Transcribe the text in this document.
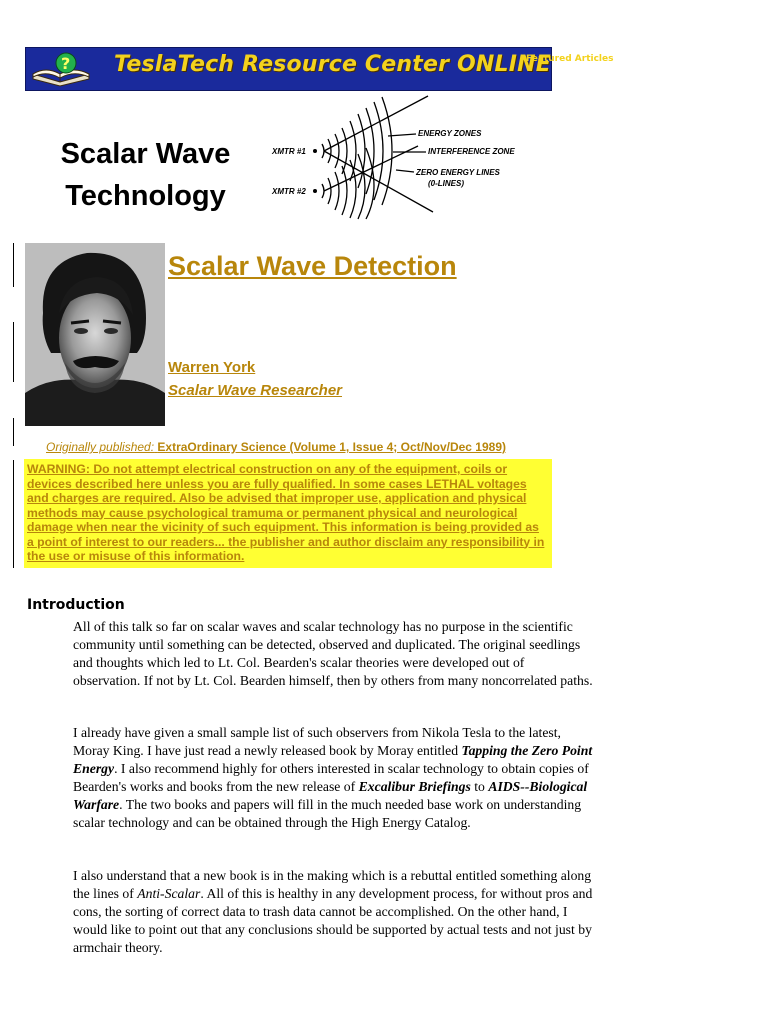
? TeslaTech Resource Center ONLINE
Featured Articles
Scalar Wave
Technology
XMTR #1
XMTR #2
ENERGY ZONES
INTERFERENCE ZONE
ZERO ENERGY LINES
(0-LINES)
Scalar Wave Detection
Warren York
Scalar Wave Researcher
Originally published: ExtraOrdinary Science (Volume 1, Issue 4; Oct/Nov/Dec 1989)
WARNING: Do not attempt electrical construction on any of the equipment, coils or devices described here unless you are fully qualified. In some cases LETHAL voltages and charges are required. Also be advised that improper use, application and physical methods may cause psychological tramuma or permanent physical and neurological damage when near the vicinity of such equipment. This information is being provided as a point of interest to our readers... the publisher and author disclaim any responsibility in the use or misuse of this information.
Introduction
All of this talk so far on scalar waves and scalar technology has no purpose in the scientific community until something can be detected, observed and duplicated. The original seedlings and thoughts which led to Lt. Col. Bearden's scalar theories were developed out of observation. If not by Lt. Col. Bearden himself, then by others from many noncorrelated paths.
I already have given a small sample list of such observers from Nikola Tesla to the latest, Moray King. I have just read a newly released book by Moray entitled Tapping the Zero Point Energy. I also recommend highly for others interested in scalar technology to obtain copies of Bearden's works and books from the new release of Excalibur Briefings to AIDS--Biological Warfare. The two books and papers will fill in the much needed base work on understanding scalar technology and can be obtained through the High Energy Catalog.
I also understand that a new book is in the making which is a rebuttal entitled something along the lines of Anti-Scalar. All of this is healthy in any development process, for without pros and cons, the sorting of correct data to trash data cannot be accomplished. On the other hand, I would like to point out that any conclusions should be supported by actual tests and not just by armchair theory.
